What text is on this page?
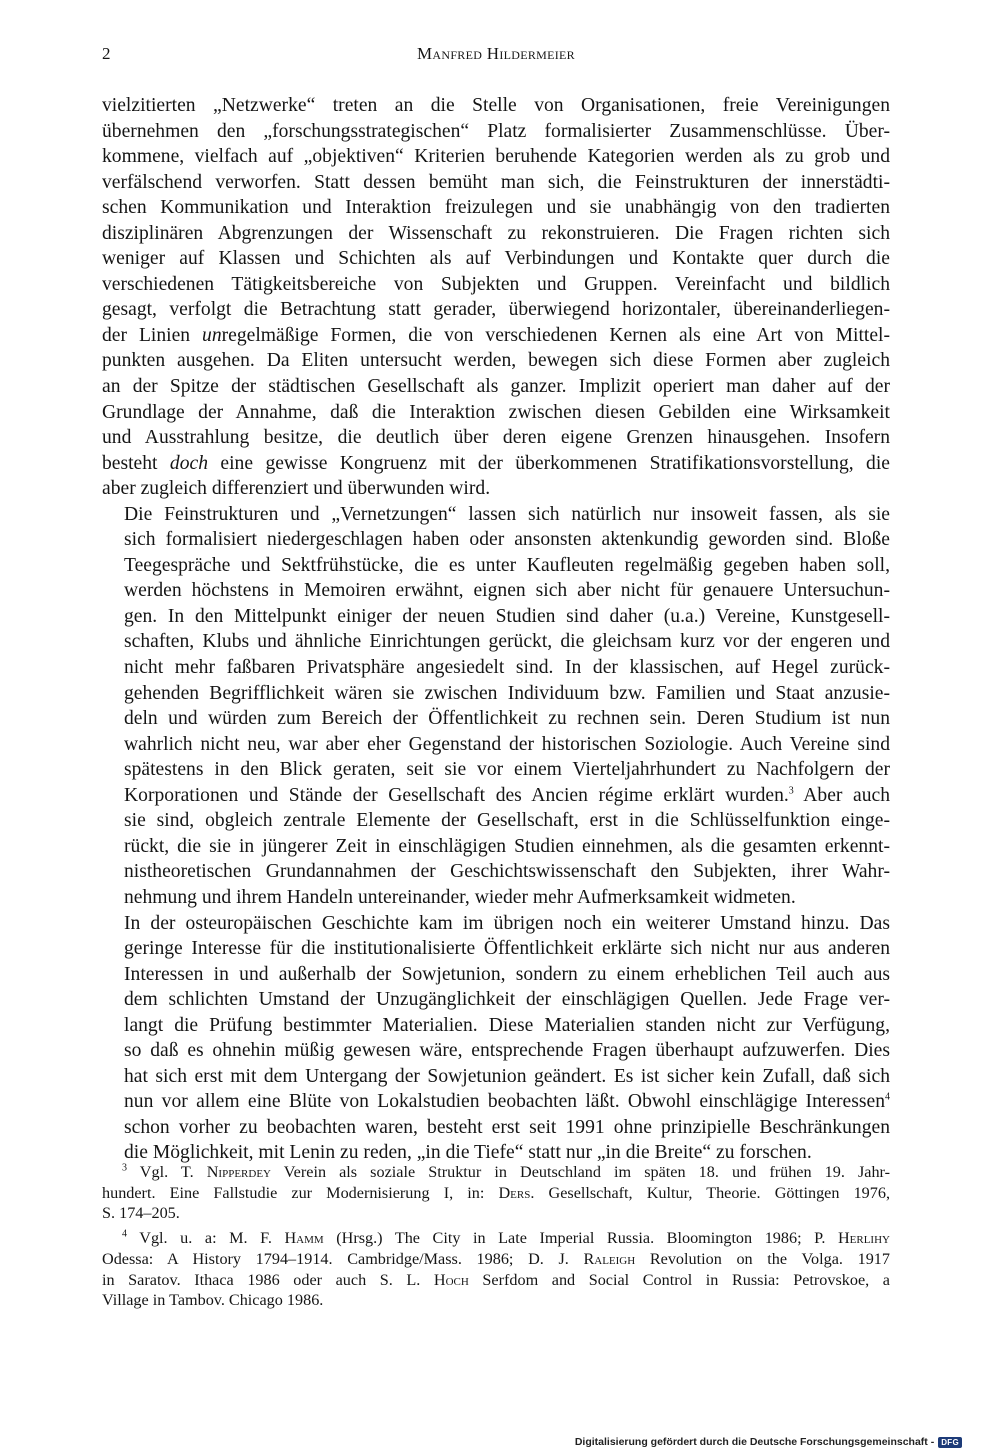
2	Manfred Hildermeier

vielzitierten „Netzwerke“ treten an die Stelle von Organisationen, freie Vereinigungen
übernehmen den „forschungsstrategischen“ Platz formalisierter Zusammenschlüsse. Über-
kommene, vielfach auf „objektiven“ Kriterien beruhende Kategorien werden als zu grob und
verfälschend verworfen. Statt dessen bemüht man sich, die Feinstrukturen der innerstädti-
schen Kommunikation und Interaktion freizulegen und sie unabhängig von den tradierten
disziplinären Abgrenzungen der Wissenschaft zu rekonstruieren. Die Fragen richten sich
weniger auf Klassen und Schichten als auf Verbindungen und Kontakte quer durch die
verschiedenen Tätigkeitsbereiche von Subjekten und Gruppen. Vereinfacht und bildlich
gesagt, verfolgt die Betrachtung statt gerader, überwiegend horizontaler, übereinanderliegen-
der Linien unregelmäßige Formen, die von verschiedenen Kernen als eine Art von Mittel-
punkten ausgehen. Da Eliten untersucht werden, bewegen sich diese Formen aber zugleich
an der Spitze der städtischen Gesellschaft als ganzer. Implizit operiert man daher auf der
Grundlage der Annahme, daß die Interaktion zwischen diesen Gebilden eine Wirksamkeit
und Ausstrahlung besitze, die deutlich über deren eigene Grenzen hinausgehen. Insofern
besteht doch eine gewisse Kongruenz mit der überkommenen Stratifikationsvorstellung, die
aber zugleich differenziert und überwunden wird.

Die Feinstrukturen und „Vernetzungen“ lassen sich natürlich nur insoweit fassen, als sie
sich formalisiert niedergeschlagen haben oder ansonsten aktenkundig geworden sind. Bloße
Teegespräche und Sektfrühstücke, die es unter Kaufleuten regelmäßig gegeben haben soll,
werden höchstens in Memoiren erwähnt, eignen sich aber nicht für genauere Untersuchun-
gen. In den Mittelpunkt einiger der neuen Studien sind daher (u.a.) Vereine, Kunstgesell-
schaften, Klubs und ähnliche Einrichtungen gerückt, die gleichsam kurz vor der engeren und
nicht mehr faßbaren Privatsphäre angesiedelt sind. In der klassischen, auf Hegel zurück-
gehenden Begrifflichkeit wären sie zwischen Individuum bzw. Familien und Staat anzusie-
deln und würden zum Bereich der Öffentlichkeit zu rechnen sein. Deren Studium ist nun
wahrlich nicht neu, war aber eher Gegenstand der historischen Soziologie. Auch Vereine sind
spätestens in den Blick geraten, seit sie vor einem Vierteljahrhundert zu Nachfolgern der
Korporationen und Stände der Gesellschaft des Ancien régime erklärt wurden.$^3$ Aber auch
sie sind, obgleich zentrale Elemente der Gesellschaft, erst in die Schlüsselfunktion einge-
rückt, die sie in jüngerer Zeit in einschlägigen Studien einnehmen, als die gesamten erkennt-
nistheoretischen Grundannahmen der Geschichtswissenschaft den Subjekten, ihrer Wahr-
nehmung und ihrem Handeln untereinander, wieder mehr Aufmerksamkeit widmeten.

In der osteuropäischen Geschichte kam im übrigen noch ein weiterer Umstand hinzu. Das
geringe Interesse für die institutionalisierte Öffentlichkeit erklärte sich nicht nur aus anderen
Interessen in und außerhalb der Sowjetunion, sondern zu einem erheblichen Teil auch aus
dem schlichten Umstand der Unzugänglichkeit der einschlägigen Quellen. Jede Frage ver-
langt die Prüfung bestimmter Materialien. Diese Materialien standen nicht zur Verfügung,
so daß es ohnehin müßig gewesen wäre, entsprechende Fragen überhaupt aufzuwerfen. Dies
hat sich erst mit dem Untergang der Sowjetunion geändert. Es ist sicher kein Zufall, daß sich
nun vor allem eine Blüte von Lokalstudien beobachten läßt. Obwohl einschlägige Interessen$^4$
schon vorher zu beobachten waren, besteht erst seit 1991 ohne prinzipielle Beschränkungen
die Möglichkeit, mit Lenin zu reden, „in die Tiefe“ statt nur „in die Breite“ zu forschen.

$^3$ Vgl. T. Nipperdey Verein als soziale Struktur in Deutschland im späten 18. und frühen 19. Jahr-
hundert. Eine Fallstudie zur Modernisierung I, in: Ders. Gesellschaft, Kultur, Theorie. Göttingen 1976,
S. 174–205.
$^4$ Vgl. u. a: M. F. Hamm (Hrsg.) The City in Late Imperial Russia. Bloomington 1986; P. Herlihy
Odessa: A History 1794–1914. Cambridge/Mass. 1986; D. J. Raleigh Revolution on the Volga. 1917
in Saratov. Ithaca 1986 oder auch S. L. Hoch Serfdom and Social Control in Russia: Petrovskoe, a
Village in Tambov. Chicago 1986.
Digitalisierung gefördert durch die Deutsche Forschungsgemeinschaft - DFG
